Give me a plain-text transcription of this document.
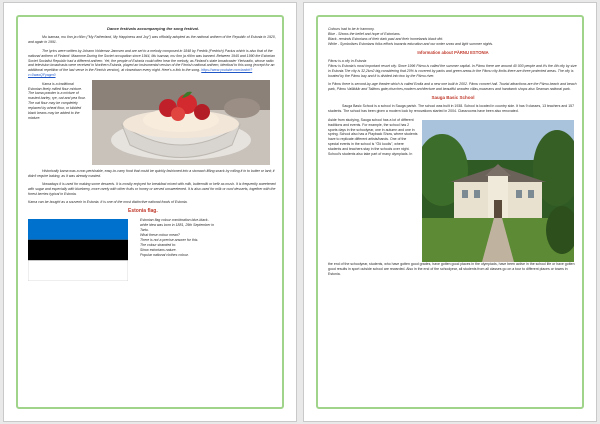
Dance festivals accompanying the song festival.

Mu isamaa, mu õnn ja rõõm ("My Fatherland, My Happiness and Joy") was officially adopted as the national anthem of the Republic of Estonia in 1920, and again in 1991.

The lyrics were written by Johann Voldemar Jannsen and are set to a melody composed in 1848 by Fredrik (Fredrich) Pacius which is also that of the national anthem of Finland: Maamme.During the Soviet occupation since 1944, Mu isamaa, mu õnn ja rõõm was banned. Between 1945 and 1990 the Estonian Soviet Socialist Republic had a different anthem. Yet, the people of Estonia could often hear the melody, as Finland's state broadcaster Yleisradio, whose radio and television broadcasts were received in Northern Estonia, played an instrumental version of the Finnish national anthem, identical to this song (except for an additional repetition of the last verse in the Finnish version), at closedown every night. Here's a link to the song- https://www.youtube.com/watch?v=0waoQFyagm0

Kama is a traditional Estonian finely milled flour mixture. The kama powder is a mixture of roasted barley, rye, oat and pea flour. The oat flour may be completely replaced by wheat flour, or kibbled black beans may be added to the mixture.

Historically kama was a non-perishable, easy-to-carry food that could be quickly fashioned into a stomach-filling snack by rolling it in to butter or lard; it didn't require baking, as it was already roasted.

Nowadays it is used for making some desserts. It is mostly enjoyed for breakfast mixed with milk, buttermilk or kefir as mush. It is frequently sweetened with sugar and especially with blueberry, more rarely with other fruits or honey or served unsweetened. It is also used for milk or curd desserts, together with the forest berries typical in Estonia.

Kama can be bought as a souvenir in Estonia. It is one of the most distinctive national foods of Estonia.

Estonia flag.

Estonian flag colour combination blue-black-
white idea was born in 1881, 29th September in
Tartu.
What these colour mean?
There is not a precise answer for this.
The colour stranded to:
Show estonians nature.
Popular national clothes colour.

Colours had to be in harmony.
Blue - Shows the belief and hope of Estonians.
Black- reminds Estonians of their dark past and their homelands black dirt.
White - Symbolises Estonians folks efforts towards education and our wnter snow and light summer nights.

Information about PÄRNU ESTONIA

Pärnu is a city in Estonia
Pärnu is Estonia's most important resort city. Since 1996 Pärnu is called the summer capital. In Pärnu there are around 40 000 people and it's the 4th city by size in Estonia.The city is 32,2km2 big,considering that 20% is covered by parks and green areas.In the Pärnu city limits there are three protected areas. The city is located by the Pärnu bay and it is divided into two by the Pärnu river.

In Pärnu there is second-by-age theatre which is called Endla and a new one built in 2002. Pärnu concert hall. Tourist attractions are the Pärnu beach and beach park, Pärnu Vallikäär and Tallinns gate,churches,modern architecture and beautiful wooden villas,museums and handwork shops also Seaman national park.

Sauga Basic School

Sauga Basic School is a school in Sauga parish. The school was built in 1938. School is located in country side. It has 9 classes, 13 teachers and 157 students. The school has been given a modern look by renovations started in 2004. Classrooms have been also renovated.

Aside from studying, Sauga school has a lot of different traditions and events. For example, the school has 2 sports days in the schoolyear, one in autumn and one in spring. School also has a Playback Show, where students have to replicate different artists/bands. One of the special events in the school is "Öö koolis", where students and teachers stay in the schools over night. School's students also take part of many olympiads. In

the end of the schoolyear, students, who have gotten good grades, have gotten good places in the olympiads, have been active in the school life or have gotten good results in sport outside school are rewarded. Also in the end of the schoolyear, all students from all classes go on a tour to different places or towns in Estonia.
